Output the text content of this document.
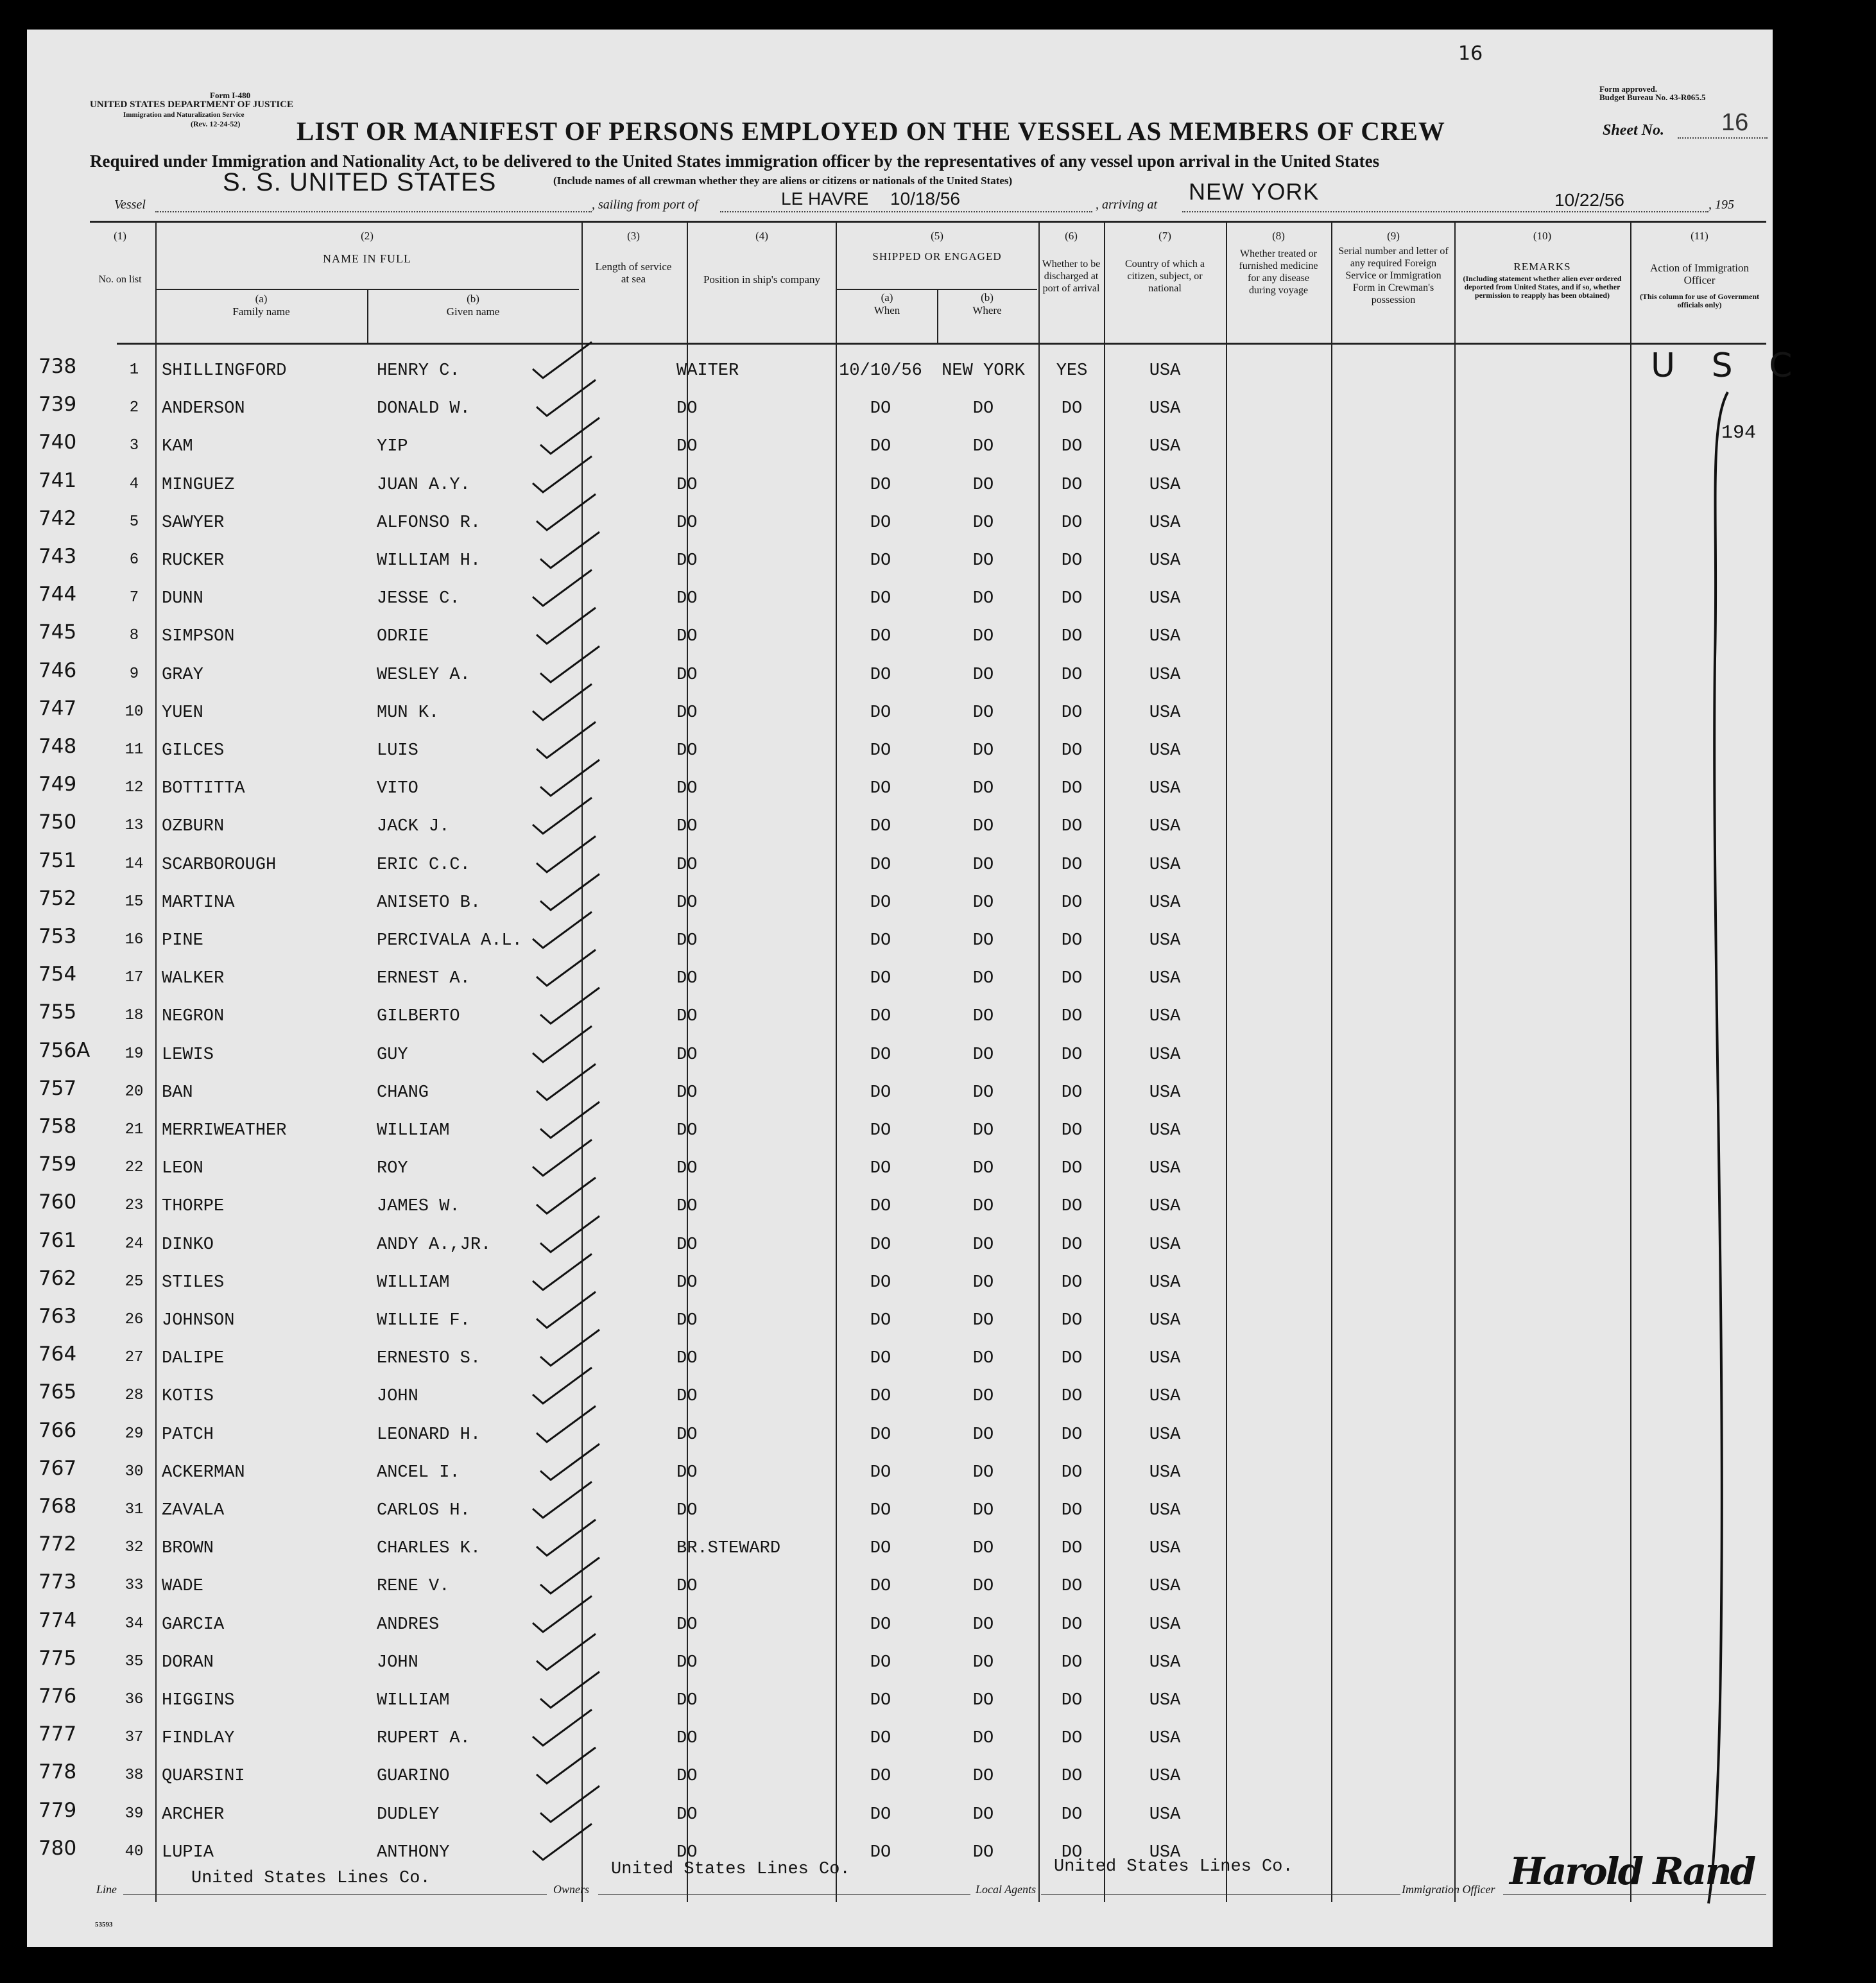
Form I-480
UNITED STATES DEPARTMENT OF JUSTICE
Immigration and Naturalization Service
(Rev. 12-24-52)
Form approved.
Budget Bureau No. 43-R065.5
16
Sheet No. 16
LIST OR MANIFEST OF PERSONS EMPLOYED ON THE VESSEL AS MEMBERS OF CREW
Required under Immigration and Nationality Act, to be delivered to the United States immigration officer by the representatives of any vessel upon arrival in the United States
(Include names of all crewman whether they are aliens or citizens or nationals of the United States)
Vessel
S. S. UNITED STATES
, sailing from port of	LE HAVRE 10/18/56	, arriving at NEW YORK	10/22/56	, 195
(1)
No. on list
(2)
NAME IN FULL
(a)
Family name
(b)
Given name
(3)
Length of service at sea
(4)
Position in ship's company
(5)
SHIPPED OR ENGAGED
(a)
When
(b)
Where
(6)
Whether to be discharged at port of arrival
(7)
Country of which a citizen, subject, or national
(8)
Whether treated or furnished medicine for any disease during voyage
(9)
Serial number and letter of any required Foreign Service or Immigration Form in Crewman's possession
(10)
REMARKS
(Including statement whether alien ever ordered deported from United States, and if so, whether permission to reapply has been obtained)
(11)
Action of Immigration Officer
(This column for use of Government officials only)
738	1	SHILLINGFORD	HENRY C.	WAITER	10/10/56	NEW YORK	YES	USA
739	2	ANDERSON	DONALD W.	DO	DO	DO	DO	USA
740	3	KAM	YIP	DO	DO	DO	DO	USA
741	4	MINGUEZ	JUAN A.Y.	DO	DO	DO	DO	USA
742	5	SAWYER	ALFONSO R.	DO	DO	DO	DO	USA
743	6	RUCKER	WILLIAM H.	DO	DO	DO	DO	USA
744	7	DUNN	JESSE C.	DO	DO	DO	DO	USA
745	8	SIMPSON	ODRIE	DO	DO	DO	DO	USA
746	9	GRAY	WESLEY A.	DO	DO	DO	DO	USA
747	10	YUEN	MUN K.	DO	DO	DO	DO	USA
748	11	GILCES	LUIS	DO	DO	DO	DO	USA
749	12	BOTTITTA	VITO	DO	DO	DO	DO	USA
750	13	OZBURN	JACK J.	DO	DO	DO	DO	USA
751	14	SCARBOROUGH	ERIC C.C.	DO	DO	DO	DO	USA
752	15	MARTINA	ANISETO B.	DO	DO	DO	DO	USA
753	16	PINE	PERCIVALA A.L.	DO	DO	DO	DO	USA
754	17	WALKER	ERNEST A.	DO	DO	DO	DO	USA
755	18	NEGRON	GILBERTO	DO	DO	DO	DO	USA
756A	19	LEWIS	GUY	DO	DO	DO	DO	USA
757	20	BAN	CHANG	DO	DO	DO	DO	USA
758	21	MERRIWEATHER	WILLIAM	DO	DO	DO	DO	USA
759	22	LEON	ROY	DO	DO	DO	DO	USA
760	23	THORPE	JAMES W.	DO	DO	DO	DO	USA
761	24	DINKO	ANDY A.,JR.	DO	DO	DO	DO	USA
762	25	STILES	WILLIAM	DO	DO	DO	DO	USA
763	26	JOHNSON	WILLIE F.	DO	DO	DO	DO	USA
764	27	DALIPE	ERNESTO S.	DO	DO	DO	DO	USA
765	28	KOTIS	JOHN	DO	DO	DO	DO	USA
766	29	PATCH	LEONARD H.	DO	DO	DO	DO	USA
767	30	ACKERMAN	ANCEL I.	DO	DO	DO	DO	USA
768	31	ZAVALA	CARLOS H.	DO	DO	DO	DO	USA
772	32	BROWN	CHARLES K.	BR.STEWARD	DO	DO	DO	USA
773	33	WADE	RENE V.	DO	DO	DO	DO	USA
774	34	GARCIA	ANDRES	DO	DO	DO	DO	USA
775	35	DORAN	JOHN	DO	DO	DO	DO	USA
776	36	HIGGINS	WILLIAM	DO	DO	DO	DO	USA
777	37	FINDLAY	RUPERT A.	DO	DO	DO	DO	USA
778	38	QUARSINI	GUARINO	DO	DO	DO	DO	USA
779	39	ARCHER	DUDLEY	DO	DO	DO	DO	USA
780	40	LUPIA	ANTHONY	DO	DO	DO	DO	USA
U S C
194
Line
United States Lines Co.
Owners
United States Lines Co.
Local Agents
United States Lines Co.
Immigration Officer Harold Rand
53593
